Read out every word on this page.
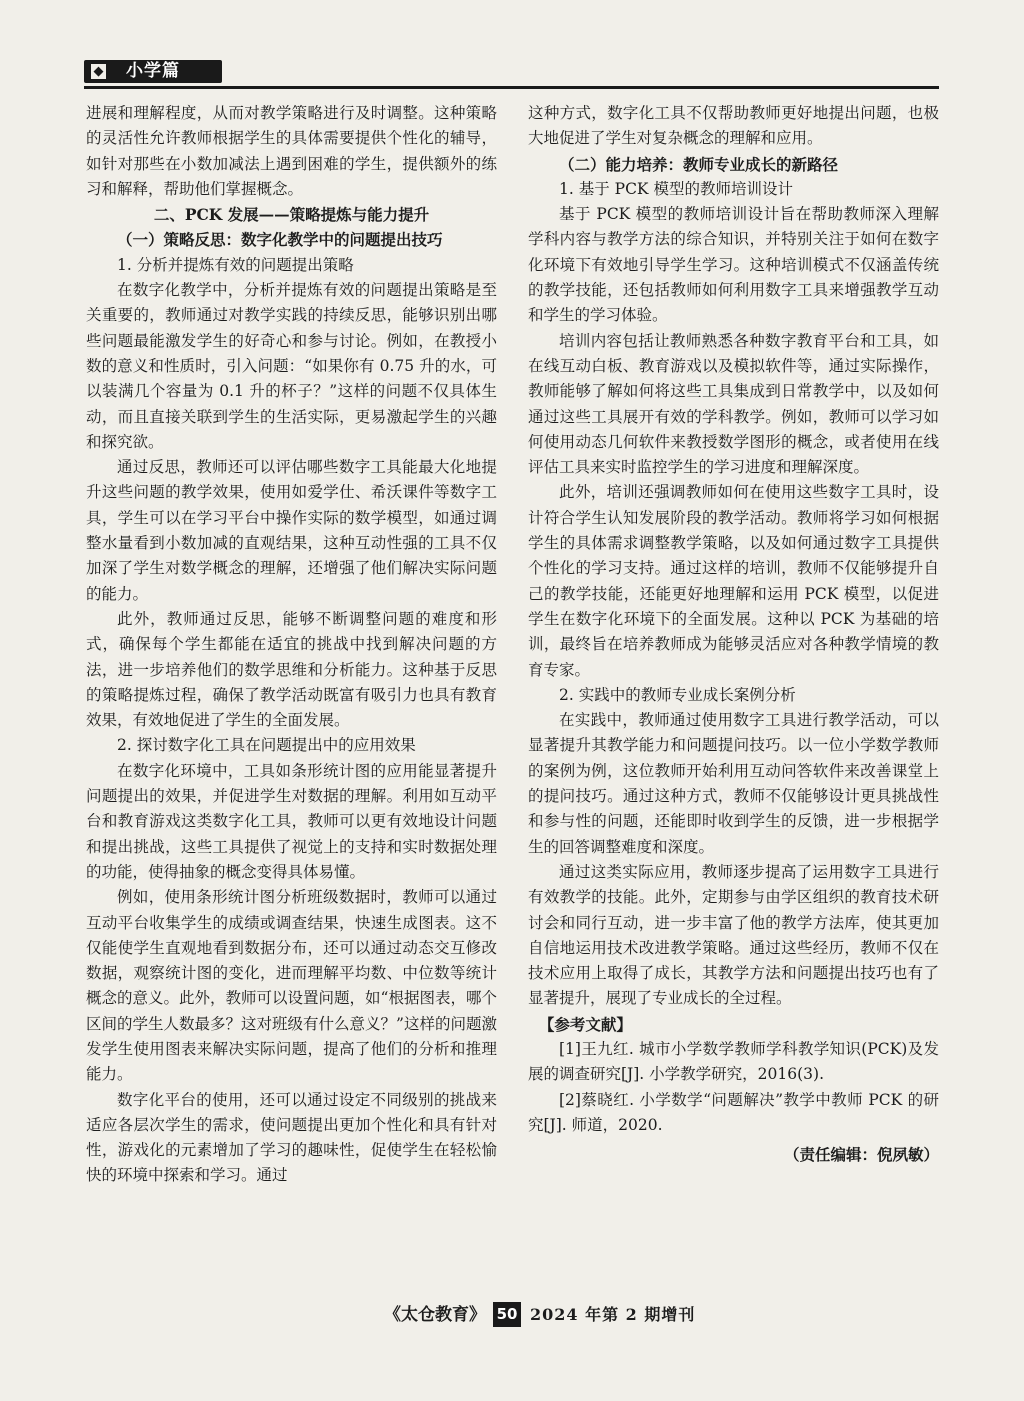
◆ 小学篇

进展和理解程度，从而对教学策略进行及时调整。这种策略的灵活性允许教师根据学生的具体需要提供个性化的辅导，如针对那些在小数加减法上遇到困难的学生，提供额外的练习和解释，帮助他们掌握概念。

二、PCK 发展——策略提炼与能力提升

（一）策略反思：数字化教学中的问题提出技巧

1. 分析并提炼有效的问题提出策略

在数字化教学中，分析并提炼有效的问题提出策略是至关重要的，教师通过对教学实践的持续反思，能够识别出哪些问题最能激发学生的好奇心和参与讨论。例如，在教授小数的意义和性质时，引入问题：“如果你有 0.75 升的水，可以装满几个容量为 0.1 升的杯子？”这样的问题不仅具体生动，而且直接关联到学生的生活实际，更易激起学生的兴趣和探究欲。

通过反思，教师还可以评估哪些数字工具能最大化地提升这些问题的教学效果，使用如爱学仕、希沃课件等数字工具，学生可以在学习平台中操作实际的数学模型，如通过调整水量看到小数加减的直观结果，这种互动性强的工具不仅加深了学生对数学概念的理解，还增强了他们解决实际问题的能力。

此外，教师通过反思，能够不断调整问题的难度和形式，确保每个学生都能在适宜的挑战中找到解决问题的方法，进一步培养他们的数学思维和分析能力。这种基于反思的策略提炼过程，确保了教学活动既富有吸引力也具有教育效果，有效地促进了学生的全面发展。

2. 探讨数字化工具在问题提出中的应用效果

在数字化环境中，工具如条形统计图的应用能显著提升问题提出的效果，并促进学生对数据的理解。利用如互动平台和教育游戏这类数字化工具，教师可以更有效地设计问题和提出挑战，这些工具提供了视觉上的支持和实时数据处理的功能，使得抽象的概念变得具体易懂。

例如，使用条形统计图分析班级数据时，教师可以通过互动平台收集学生的成绩或调查结果，快速生成图表。这不仅能使学生直观地看到数据分布，还可以通过动态交互修改数据，观察统计图的变化，进而理解平均数、中位数等统计概念的意义。此外，教师可以设置问题，如“根据图表，哪个区间的学生人数最多？这对班级有什么意义？”这样的问题激发学生使用图表来解决实际问题，提高了他们的分析和推理能力。

数字化平台的使用，还可以通过设定不同级别的挑战来适应各层次学生的需求，使问题提出更加个性化和具有针对性，游戏化的元素增加了学习的趣味性，促使学生在轻松愉快的环境中探索和学习。通过

这种方式，数字化工具不仅帮助教师更好地提出问题，也极大地促进了学生对复杂概念的理解和应用。

（二）能力培养：教师专业成长的新路径

1. 基于 PCK 模型的教师培训设计

基于 PCK 模型的教师培训设计旨在帮助教师深入理解学科内容与教学方法的综合知识，并特别关注于如何在数字化环境下有效地引导学生学习。这种培训模式不仅涵盖传统的教学技能，还包括教师如何利用数字工具来增强教学互动和学生的学习体验。

培训内容包括让教师熟悉各种数字教育平台和工具，如在线互动白板、教育游戏以及模拟软件等，通过实际操作，教师能够了解如何将这些工具集成到日常教学中，以及如何通过这些工具展开有效的学科教学。例如，教师可以学习如何使用动态几何软件来教授数学图形的概念，或者使用在线评估工具来实时监控学生的学习进度和理解深度。

此外，培训还强调教师如何在使用这些数字工具时，设计符合学生认知发展阶段的教学活动。教师将学习如何根据学生的具体需求调整教学策略，以及如何通过数字工具提供个性化的学习支持。通过这样的培训，教师不仅能够提升自己的教学技能，还能更好地理解和运用 PCK 模型，以促进学生在数字化环境下的全面发展。这种以 PCK 为基础的培训，最终旨在培养教师成为能够灵活应对各种教学情境的教育专家。

2. 实践中的教师专业成长案例分析

在实践中，教师通过使用数字工具进行教学活动，可以显著提升其教学能力和问题提问技巧。以一位小学数学教师的案例为例，这位教师开始利用互动问答软件来改善课堂上的提问技巧。通过这种方式，教师不仅能够设计更具挑战性和参与性的问题，还能即时收到学生的反馈，进一步根据学生的回答调整难度和深度。

通过这类实际应用，教师逐步提高了运用数字工具进行有效教学的技能。此外，定期参与由学区组织的教育技术研讨会和同行互动，进一步丰富了他的教学方法库，使其更加自信地运用技术改进教学策略。通过这些经历，教师不仅在技术应用上取得了成长，其教学方法和问题提出技巧也有了显著提升，展现了专业成长的全过程。

【参考文献】

[1]王九红. 城市小学数学教师学科教学知识(PCK)及发展的调查研究[J]. 小学教学研究，2016(3).

[2]蔡晓红. 小学数学“问题解决”教学中教师 PCK 的研究[J]. 师道，2020.

（责任编辑：倪夙敏）

《太仓教育》 50 2024 年第 2 期增刊
